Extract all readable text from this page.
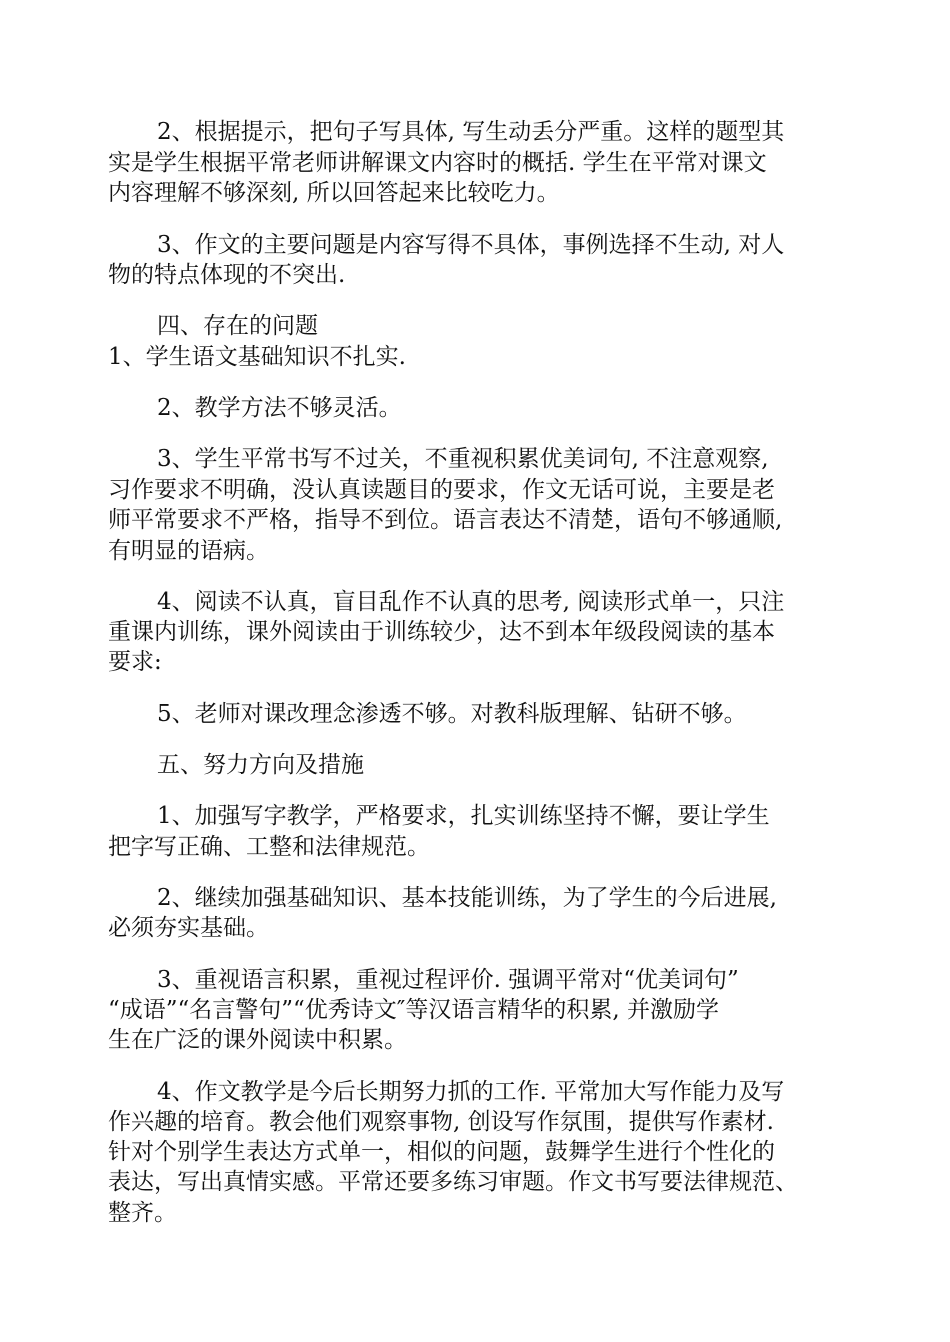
2、根据提示，把句子写具体, 写生动丢分严重。这样的题型其
实是学生根据平常老师讲解课文内容时的概括. 学生在平常对课文
内容理解不够深刻, 所以回答起来比较吃力。
3、作文的主要问题是内容写得不具体，事例选择不生动, 对人
物的特点体现的不突出.
四、存在的问题
1、学生语文基础知识不扎实.
2、教学方法不够灵活。
3、学生平常书写不过关，不重视积累优美词句, 不注意观察,
习作要求不明确，没认真读题目的要求，作文无话可说，主要是老
师平常要求不严格，指导不到位。语言表达不清楚，语句不够通顺,
有明显的语病。
4、阅读不认真，盲目乱作不认真的思考, 阅读形式单一，只注
重课内训练，课外阅读由于训练较少，达不到本年级段阅读的基本
要求:
5、老师对课改理念渗透不够。对教科版理解、钻研不够。
五、努力方向及措施
1、加强写字教学，严格要求，扎实训练坚持不懈，要让学生
把字写正确、工整和法律规范。
2、继续加强基础知识、基本技能训练，为了学生的今后进展,
必须夯实基础。
3、重视语言积累，重视过程评价. 强调平常对“优美词句”
“成语”“名言警句”“优秀诗文″等汉语言精华的积累, 并激励学
生在广泛的课外阅读中积累。
4、作文教学是今后长期努力抓的工作. 平常加大写作能力及写
作兴趣的培育。教会他们观察事物, 创设写作氛围，提供写作素材.
针对个别学生表达方式单一，相似的问题，鼓舞学生进行个性化的
表达，写出真情实感。平常还要多练习审题。作文书写要法律规范、
整齐。
